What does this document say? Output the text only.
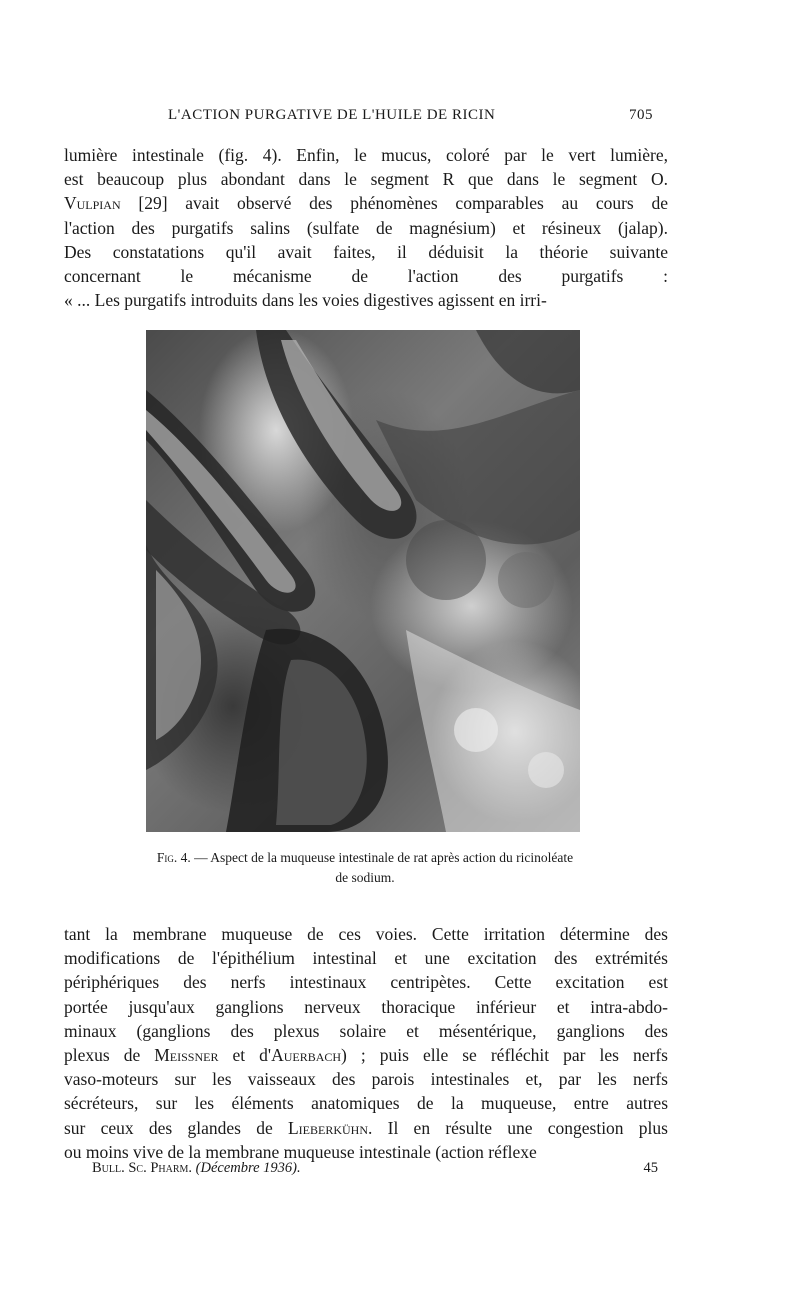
L'ACTION PURGATIVE DE L'HUILE DE RICIN	705
lumière intestinale (fig. 4). Enfin, le mucus, coloré par le vert lumière,
est beaucoup plus abondant dans le segment R que dans le segment O.
Vulpian [29] avait observé des phénomènes comparables au cours de
l'action des purgatifs salins (sulfate de magnésium) et résineux (jalap).
Des constatations qu'il avait faites, il déduisit la théorie suivante
concernant le mécanisme de l'action des purgatifs :
« ... Les purgatifs introduits dans les voies digestives agissent en irri-
Fig. 4. — Aspect de la muqueuse intestinale de rat après action du ricinoléate
de sodium.
tant la membrane muqueuse de ces voies. Cette irritation détermine des
modifications de l'épithélium intestinal et une excitation des extrémités
périphériques des nerfs intestinaux centripètes. Cette excitation est
portée jusqu'aux ganglions nerveux thoracique inférieur et intra-abdo-
minaux (ganglions des plexus solaire et mésentérique, ganglions des
plexus de Meissner et d'Auerbach) ; puis elle se réfléchit par les nerfs
vaso-moteurs sur les vaisseaux des parois intestinales et, par les nerfs
sécréteurs, sur les éléments anatomiques de la muqueuse, entre autres
sur ceux des glandes de Lieberkühn. Il en résulte une congestion plus
ou moins vive de la membrane muqueuse intestinale (action réflexe
Bull. Sc. Pharm. (Décembre 1936).	45
